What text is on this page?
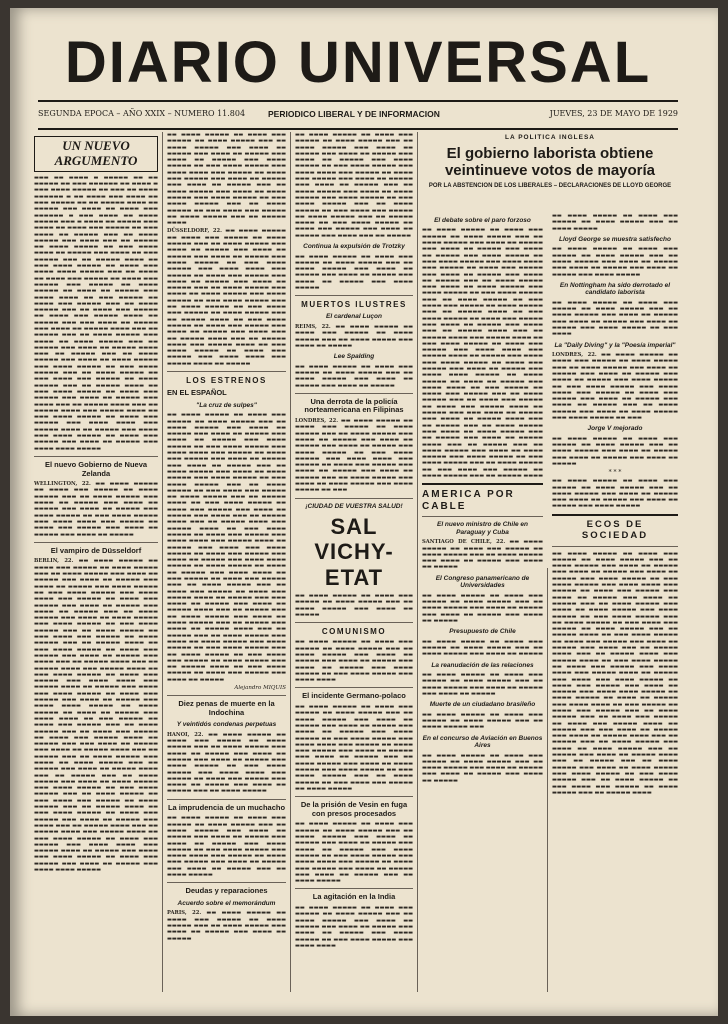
DIARIO UNIVERSAL
SEGUNDA EPOCA – AÑO XXIX – NUMERO 11.804	PERIODICO LIBERAL Y DE INFORMACION	JUEVES, 23 DE MAYO DE 1929
UN NUEVO ARGUMENTO

▬▬▬ ▬▬ ▬▬▬▬ ▬ ▬▬▬▬▬ ▬▬ ▬▬ ▬▬▬▬▬ ▬▬ ▬▬▬ ▬▬▬▬▬▬ ▬▬ ▬▬▬▬ ▬ ▬▬▬ ▬▬▬▬ ▬▬▬▬▬ ▬▬ ▬▬▬ ▬▬ ▬▬▬▬ ▬▬▬▬▬▬ ▬ ▬▬ ▬▬▬▬ ▬▬▬ ▬▬▬▬ ▬▬ ▬▬▬ ▬▬▬▬▬ ▬▬ ▬▬ ▬▬▬▬▬ ▬▬▬▬ ▬▬ ▬▬▬▬▬ ▬▬▬ ▬▬▬▬ ▬▬ ▬▬▬▬ ▬▬▬ ▬▬▬▬▬▬ ▬ ▬▬▬ ▬▬▬▬ ▬▬ ▬▬▬▬ ▬▬▬▬▬ ▬▬▬ ▬ ▬▬▬▬ ▬▬ ▬▬▬▬▬ ▬▬▬ ▬▬▬▬ ▬▬ ▬▬▬▬ ▬▬▬ ▬▬▬▬▬ ▬▬ ▬▬▬ ▬▬▬▬ ▬▬ ▬▬▬▬▬ ▬▬▬ ▬▬ ▬▬▬▬ ▬▬▬▬▬ ▬▬▬ ▬▬▬▬ ▬▬▬ ▬▬ ▬▬▬▬▬ ▬▬ ▬▬▬▬ ▬▬▬▬▬ ▬▬ ▬▬▬ ▬▬▬▬ ▬▬▬▬ ▬▬ ▬▬▬▬▬ ▬▬▬ ▬▬▬▬ ▬▬ ▬▬▬ ▬▬▬▬▬ ▬▬▬ ▬▬ ▬▬▬▬▬ ▬▬▬▬ ▬▬ ▬▬▬ ▬▬▬▬ ▬▬▬▬▬ ▬▬ ▬▬▬▬ ▬▬▬ ▬▬▬▬ ▬▬▬▬ ▬▬▬▬▬ ▬▬▬ ▬▬ ▬▬▬▬ ▬▬ ▬▬▬▬ ▬▬▬ ▬▬▬▬▬ ▬▬ ▬▬▬▬ ▬▬▬ ▬▬▬▬▬ ▬▬▬ ▬▬▬▬▬ ▬▬ ▬▬▬▬ ▬▬▬▬▬ ▬▬ ▬▬▬▬ ▬▬ ▬▬▬▬▬ ▬▬▬ ▬▬▬▬ ▬▬▬▬ ▬▬ ▬▬▬ ▬▬▬▬▬ ▬▬ ▬▬▬▬ ▬▬▬ ▬▬▬▬▬ ▬▬▬ ▬▬ ▬▬▬▬ ▬▬▬▬▬ ▬▬▬ ▬▬ ▬▬▬▬ ▬▬▬ ▬▬▬▬▬ ▬▬ ▬▬▬▬ ▬▬▬ ▬▬▬▬▬ ▬▬▬▬ ▬▬ ▬▬▬▬▬ ▬▬▬ ▬▬▬ ▬▬▬▬ ▬▬ ▬▬▬▬▬ ▬▬▬ ▬▬▬▬ ▬▬ ▬▬▬▬▬ ▬▬▬▬ ▬▬▬ ▬▬ ▬▬▬▬▬ ▬▬▬ ▬▬ ▬▬▬▬ ▬▬▬▬▬ ▬▬▬ ▬▬▬▬ ▬▬ ▬▬▬▬ ▬▬▬▬▬ ▬▬▬ ▬▬ ▬▬▬▬▬ ▬▬▬ ▬▬▬▬ ▬▬ ▬▬▬▬▬ ▬▬▬▬ ▬▬▬ ▬▬ ▬▬▬▬▬ ▬▬▬ ▬▬ ▬▬▬▬ ▬▬▬▬▬ ▬▬▬ ▬▬▬▬ ▬▬ ▬▬▬▬ ▬▬▬▬▬ ▬▬▬ ▬▬▬▬ ▬▬▬▬▬ ▬▬ ▬▬▬ ▬▬▬▬ ▬▬▬▬▬ ▬▬▬ ▬▬ ▬▬▬▬ ▬▬▬▬▬ ▬▬ ▬▬▬ ▬▬▬▬ ▬▬▬ ▬▬▬▬▬ ▬▬ ▬▬▬▬ ▬▬▬▬▬ ▬▬▬ ▬▬ ▬▬▬▬▬ ▬▬▬▬ ▬▬ ▬▬▬ ▬▬▬▬ ▬▬▬▬▬ ▬▬ ▬▬▬▬ ▬▬▬ ▬▬▬▬▬ ▬▬▬ ▬▬▬▬ ▬▬ ▬▬▬▬▬ ▬▬▬ ▬▬▬▬ ▬▬▬ ▬▬ ▬▬▬▬▬ ▬▬▬▬ ▬▬▬ ▬▬ ▬▬▬▬▬ ▬▬▬▬ ▬▬▬ ▬▬▬▬▬ ▬▬▬▬ ▬▬ ▬▬▬ ▬▬▬▬ ▬▬▬▬▬ ▬▬ ▬▬▬▬ ▬▬▬ ▬▬▬▬▬ ▬▬▬ ▬▬▬▬ ▬▬▬▬ ▬▬▬ ▬▬▬▬▬ ▬▬▬▬ ▬▬ ▬▬▬▬▬ ▬▬▬ ▬▬▬▬ ▬▬▬ ▬▬▬▬ ▬▬▬▬▬ ▬▬ ▬▬▬▬ ▬▬▬ ▬▬▬▬▬ ▬▬▬ ▬▬▬▬ ▬▬ ▬▬▬▬▬ ▬▬▬ ▬▬▬▬ ▬▬▬▬ ▬▬▬▬▬

El nuevo Gobierno de Nueva Zelanda

WELLINGTON, 22. ▬▬ ▬▬▬▬ ▬▬▬▬▬ ▬▬ ▬▬▬▬ ▬▬▬ ▬▬▬▬▬ ▬▬ ▬▬▬▬ ▬▬▬▬▬ ▬▬▬ ▬▬ ▬▬▬▬ ▬▬▬▬▬ ▬▬▬ ▬▬▬▬ ▬▬ ▬▬▬▬▬ ▬▬▬ ▬▬▬▬ ▬▬ ▬▬▬▬▬ ▬▬▬ ▬▬▬▬ ▬▬ ▬▬▬▬▬ ▬▬▬ ▬▬▬▬ ▬▬▬▬▬ ▬▬ ▬▬▬ ▬▬▬▬ ▬▬▬▬▬ ▬▬▬ ▬▬▬▬ ▬▬▬▬ ▬▬▬ ▬▬▬▬▬ ▬▬ ▬▬▬▬ ▬▬▬ ▬▬▬▬▬ ▬▬▬ ▬▬▬▬ ▬▬ ▬▬▬▬▬ ▬▬▬ ▬▬▬▬ ▬▬ ▬▬▬▬▬

El vampiro de Düsseldorf

BERLIN, 22. ▬▬ ▬▬▬▬ ▬▬▬▬▬ ▬▬ ▬▬▬▬ ▬▬▬ ▬▬▬▬▬ ▬▬ ▬▬▬▬ ▬▬▬▬▬ ▬▬▬ ▬▬ ▬▬▬▬ ▬▬▬▬▬ ▬▬▬ ▬▬▬▬ ▬▬ ▬▬▬▬▬ ▬▬▬ ▬▬▬▬ ▬▬ ▬▬▬▬▬ ▬▬▬ ▬▬▬▬ ▬▬ ▬▬▬▬▬ ▬▬▬ ▬▬▬▬ ▬▬▬▬▬ ▬▬ ▬▬▬ ▬▬▬▬ ▬▬▬▬▬ ▬▬▬ ▬▬▬▬ ▬▬▬▬ ▬▬▬ ▬▬▬▬▬ ▬▬ ▬▬▬▬ ▬▬▬ ▬▬▬▬▬ ▬▬▬ ▬▬▬▬ ▬▬ ▬▬▬▬▬ ▬▬▬ ▬▬▬▬ ▬▬ ▬▬▬▬▬ ▬▬▬ ▬▬ ▬▬▬▬ ▬▬▬▬▬ ▬▬▬ ▬▬▬▬ ▬▬ ▬▬▬▬ ▬▬▬▬▬ ▬▬▬ ▬▬▬▬ ▬▬▬▬▬ ▬▬ ▬▬▬ ▬▬▬▬ ▬▬▬▬▬ ▬▬▬ ▬▬ ▬▬▬▬ ▬▬▬▬▬ ▬▬ ▬▬▬ ▬▬▬▬ ▬▬▬ ▬▬▬▬▬ ▬▬ ▬▬▬▬ ▬▬▬▬▬ ▬▬▬ ▬▬ ▬▬▬▬▬ ▬▬▬▬ ▬▬ ▬▬▬ ▬▬▬▬ ▬▬▬▬▬ ▬▬ ▬▬▬▬ ▬▬▬ ▬▬▬▬▬ ▬▬▬ ▬▬▬▬ ▬▬ ▬▬▬▬▬ ▬▬▬ ▬▬▬▬ ▬▬▬ ▬▬ ▬▬▬▬▬ ▬▬▬▬ ▬▬▬ ▬▬ ▬▬▬▬▬ ▬▬▬▬ ▬▬▬ ▬▬▬▬▬ ▬▬▬▬ ▬▬ ▬▬▬ ▬▬▬▬ ▬▬▬▬▬ ▬▬ ▬▬▬▬ ▬▬▬ ▬▬▬▬▬ ▬▬▬ ▬▬▬▬ ▬▬▬▬ ▬▬▬ ▬▬▬▬▬ ▬▬▬▬ ▬▬ ▬▬▬▬▬ ▬▬▬ ▬▬▬▬ ▬▬▬ ▬▬▬▬ ▬▬▬▬▬ ▬▬ ▬▬▬▬ ▬▬▬ ▬▬▬▬▬ ▬▬▬ ▬▬▬▬ ▬▬ ▬▬▬▬▬ ▬▬▬ ▬▬▬▬ ▬▬▬▬ ▬▬▬▬▬ ▬▬ ▬▬▬▬ ▬▬▬▬▬ ▬▬ ▬▬▬▬ ▬▬ ▬▬▬▬▬ ▬▬▬ ▬▬▬▬ ▬▬▬▬ ▬▬ ▬▬▬ ▬▬▬▬▬ ▬▬ ▬▬▬▬ ▬▬▬ ▬▬▬▬▬ ▬▬▬ ▬▬ ▬▬▬▬ ▬▬▬▬▬ ▬▬▬ ▬▬ ▬▬▬▬ ▬▬▬ ▬▬▬▬▬ ▬▬ ▬▬▬▬ ▬▬▬ ▬▬▬▬▬ ▬▬▬▬ ▬▬ ▬▬▬▬▬ ▬▬▬ ▬▬▬ ▬▬▬▬ ▬▬ ▬▬▬▬▬ ▬▬▬ ▬▬▬▬ ▬▬ ▬▬▬▬▬ ▬▬▬▬ ▬▬▬ ▬▬ ▬▬▬▬▬ ▬▬▬ ▬▬ ▬▬▬▬ ▬▬▬▬▬ ▬▬▬ ▬▬▬▬ ▬▬ ▬▬▬▬ ▬▬▬▬▬ ▬▬▬ ▬▬ ▬▬▬▬▬ ▬▬▬ ▬▬▬▬ ▬▬ ▬▬▬▬▬ ▬▬▬▬ ▬▬▬ ▬▬ ▬▬▬▬▬ ▬▬▬ ▬▬ ▬▬▬▬ ▬▬▬▬▬ ▬▬▬ ▬▬▬▬ ▬▬ ▬▬▬▬ ▬▬▬▬▬ ▬▬▬ ▬▬▬▬ ▬▬▬▬▬ ▬▬ ▬▬▬ ▬▬▬▬ ▬▬▬▬▬ ▬▬▬ ▬▬ ▬▬▬▬ ▬▬▬▬▬ ▬▬ ▬▬▬ ▬▬▬▬ ▬▬▬ ▬▬▬▬▬ ▬▬ ▬▬▬▬ ▬▬▬▬▬ ▬▬▬ ▬▬ ▬▬▬▬▬ ▬▬▬▬ ▬▬ ▬▬▬ ▬▬▬▬ ▬▬▬▬▬ ▬▬ ▬▬▬▬ ▬▬▬ ▬▬▬▬▬ ▬▬▬ ▬▬▬▬ ▬▬ ▬▬▬▬▬ ▬▬▬ ▬▬▬▬ ▬▬▬ ▬▬ ▬▬▬▬▬ ▬▬▬▬ ▬▬▬ ▬▬ ▬▬▬▬▬ ▬▬▬▬ ▬▬▬ ▬▬▬▬▬ ▬▬▬▬ ▬▬ ▬▬▬ ▬▬▬▬ ▬▬▬▬▬ ▬▬ ▬▬▬▬ ▬▬▬ ▬▬▬▬▬ ▬▬▬ ▬▬▬▬ ▬▬▬▬ ▬▬▬ ▬▬▬▬▬ ▬▬▬▬ ▬▬ ▬▬▬▬▬ ▬▬▬ ▬▬▬▬ ▬▬▬ ▬▬▬▬ ▬▬▬▬▬ ▬▬ ▬▬▬▬ ▬▬▬ ▬▬▬▬▬ ▬▬▬ ▬▬▬▬ ▬▬ ▬▬▬▬▬ ▬▬▬ ▬▬▬▬ ▬▬▬▬ ▬▬▬▬▬

▬▬ ▬▬▬▬ ▬▬▬▬▬ ▬▬ ▬▬▬▬ ▬▬▬ ▬▬▬▬▬ ▬▬ ▬▬▬▬ ▬▬▬▬▬ ▬▬▬ ▬▬ ▬▬▬▬ ▬▬▬▬▬ ▬▬▬ ▬▬▬▬ ▬▬ ▬▬▬▬▬ ▬▬▬ ▬▬▬▬ ▬▬ ▬▬▬▬▬ ▬▬▬ ▬▬▬▬ ▬▬ ▬▬▬▬▬ ▬▬▬ ▬▬▬▬ ▬▬▬▬▬ ▬▬ ▬▬▬ ▬▬▬▬ ▬▬▬▬▬ ▬▬▬ ▬▬▬▬ ▬▬▬▬ ▬▬▬ ▬▬▬▬▬ ▬▬ ▬▬▬▬ ▬▬▬ ▬▬▬▬▬ ▬▬▬ ▬▬▬▬ ▬▬ ▬▬▬▬▬ ▬▬▬ ▬▬▬▬ ▬▬ ▬▬▬▬▬ ▬▬▬ ▬▬ ▬▬▬▬ ▬▬▬▬▬ ▬▬▬ ▬▬▬▬ ▬▬ ▬▬▬▬ ▬▬▬▬▬ ▬▬▬ ▬▬▬▬ ▬▬▬▬▬ ▬▬ ▬▬▬ ▬▬▬▬ ▬▬▬▬▬ ▬▬▬ ▬▬ ▬▬▬▬ ▬▬▬▬▬ ▬▬ ▬▬▬ ▬▬▬▬ ▬▬▬ ▬▬▬▬▬ ▬▬ ▬▬▬▬ ▬▬▬▬▬ ▬▬▬ ▬▬ ▬▬▬▬▬ ▬▬▬▬

DÜSSELDORF, 22. ▬▬ ▬▬▬▬ ▬▬▬▬▬ ▬▬ ▬▬▬▬ ▬▬▬ ▬▬▬▬▬ ▬▬ ▬▬▬▬ ▬▬▬▬▬ ▬▬▬ ▬▬ ▬▬▬▬ ▬▬▬▬▬ ▬▬▬ ▬▬▬▬ ▬▬ ▬▬▬▬▬ ▬▬▬ ▬▬▬▬ ▬▬ ▬▬▬▬▬ ▬▬▬ ▬▬▬▬ ▬▬ ▬▬▬▬▬ ▬▬▬ ▬▬▬▬ ▬▬▬▬▬ ▬▬ ▬▬▬ ▬▬▬▬ ▬▬▬▬▬ ▬▬▬ ▬▬▬▬ ▬▬▬▬ ▬▬▬ ▬▬▬▬▬ ▬▬ ▬▬▬▬ ▬▬▬ ▬▬▬▬▬ ▬▬▬ ▬▬▬▬ ▬▬ ▬▬▬▬▬ ▬▬▬ ▬▬▬▬ ▬▬ ▬▬▬▬▬ ▬▬▬ ▬▬ ▬▬▬▬ ▬▬▬▬▬ ▬▬▬ ▬▬▬▬ ▬▬ ▬▬▬▬ ▬▬▬▬▬ ▬▬▬ ▬▬▬▬ ▬▬▬▬▬ ▬▬ ▬▬▬ ▬▬▬▬ ▬▬▬▬▬ ▬▬▬ ▬▬ ▬▬▬▬ ▬▬▬▬▬ ▬▬ ▬▬▬ ▬▬▬▬ ▬▬▬ ▬▬▬▬▬ ▬▬ ▬▬▬▬ ▬▬▬▬▬ ▬▬▬ ▬▬ ▬▬▬▬▬ ▬▬▬▬ ▬▬ ▬▬▬ ▬▬▬▬ ▬▬▬▬▬ ▬▬ ▬▬▬▬ ▬▬▬ ▬▬▬▬▬ ▬▬▬ ▬▬▬▬ ▬▬ ▬▬▬▬▬ ▬▬▬ ▬▬▬▬ ▬▬▬ ▬▬ ▬▬▬▬▬ ▬▬▬▬ ▬▬▬ ▬▬ ▬▬▬▬▬ ▬▬▬▬ ▬▬▬ ▬▬▬▬▬ ▬▬▬▬ ▬▬ ▬▬▬ ▬▬▬▬ ▬▬▬▬▬ ▬▬ ▬▬▬▬ ▬▬▬ ▬▬▬▬▬ ▬▬▬ ▬▬▬▬ ▬▬▬▬ ▬▬▬ ▬▬▬▬▬ ▬▬▬▬ ▬▬ ▬▬▬▬▬

LOS ESTRENOS
EN EL ESPAÑOL
"La cruz de sulpes"

▬▬ ▬▬▬▬ ▬▬▬▬▬ ▬▬ ▬▬▬▬ ▬▬▬ ▬▬▬▬▬ ▬▬ ▬▬▬▬ ▬▬▬▬▬ ▬▬▬ ▬▬ ▬▬▬▬ ▬▬▬▬▬ ▬▬▬ ▬▬▬▬ ▬▬ ▬▬▬▬▬ ▬▬▬ ▬▬▬▬ ▬▬ ▬▬▬▬▬ ▬▬▬ ▬▬▬▬ ▬▬ ▬▬▬▬▬ ▬▬▬ ▬▬▬▬ ▬▬▬▬▬ ▬▬ ▬▬▬ ▬▬▬▬ ▬▬▬▬▬ ▬▬▬ ▬▬▬▬ ▬▬▬▬ ▬▬▬ ▬▬▬▬▬ ▬▬ ▬▬▬▬ ▬▬▬ ▬▬▬▬▬ ▬▬▬ ▬▬▬▬ ▬▬ ▬▬▬▬▬ ▬▬▬ ▬▬▬▬ ▬▬ ▬▬▬▬▬ ▬▬▬ ▬▬ ▬▬▬▬ ▬▬▬▬▬ ▬▬▬ ▬▬▬▬ ▬▬ ▬▬▬▬ ▬▬▬▬▬ ▬▬▬ ▬▬▬▬ ▬▬▬▬▬ ▬▬ ▬▬▬ ▬▬▬▬ ▬▬▬▬▬ ▬▬▬ ▬▬ ▬▬▬▬ ▬▬▬▬▬ ▬▬ ▬▬▬ ▬▬▬▬ ▬▬▬ ▬▬▬▬▬ ▬▬ ▬▬▬▬ ▬▬▬▬▬ ▬▬▬ ▬▬ ▬▬▬▬▬ ▬▬▬▬ ▬▬ ▬▬▬ ▬▬▬▬ ▬▬▬▬▬ ▬▬ ▬▬▬▬ ▬▬▬ ▬▬▬▬▬ ▬▬▬ ▬▬▬▬ ▬▬ ▬▬▬▬▬ ▬▬▬ ▬▬▬▬ ▬▬▬ ▬▬ ▬▬▬▬▬ ▬▬▬▬ ▬▬▬ ▬▬ ▬▬▬▬▬ ▬▬▬▬ ▬▬▬ ▬▬▬▬▬ ▬▬▬▬ ▬▬ ▬▬▬ ▬▬▬▬ ▬▬▬▬▬ ▬▬ ▬▬▬▬ ▬▬▬ ▬▬▬▬▬ ▬▬▬ ▬▬▬▬ ▬▬▬▬ ▬▬▬ ▬▬▬▬▬ ▬▬▬▬ ▬▬ ▬▬▬▬▬ ▬▬▬ ▬▬▬▬ ▬▬▬ ▬▬▬▬ ▬▬▬▬▬ ▬▬ ▬▬▬▬ ▬▬▬ ▬▬▬▬▬ ▬▬▬ ▬▬▬▬ ▬▬ ▬▬▬▬▬ ▬▬▬ ▬▬▬▬ ▬▬▬▬ ▬▬▬▬▬ ▬▬ ▬▬▬▬ ▬▬▬▬▬ ▬▬ ▬▬▬▬ ▬▬ ▬▬▬▬▬ ▬▬▬ ▬▬▬▬ ▬▬▬▬ ▬▬ ▬▬▬ ▬▬▬▬▬ ▬▬ ▬▬▬▬ ▬▬▬ ▬▬▬▬▬ ▬▬▬ ▬▬ ▬▬▬▬ ▬▬▬▬▬ ▬▬▬ ▬▬ ▬▬▬▬ ▬▬▬ ▬▬▬▬▬ ▬▬ ▬▬▬▬ ▬▬▬ ▬▬▬▬▬ ▬▬▬▬ ▬▬ ▬▬▬▬▬ ▬▬▬ ▬▬▬ ▬▬▬▬ ▬▬ ▬▬▬▬▬ ▬▬▬ ▬▬▬▬ ▬▬ ▬▬▬▬▬ ▬▬▬▬ ▬▬▬ ▬▬ ▬▬▬▬▬ ▬▬▬ ▬▬ ▬▬▬▬ ▬▬▬▬▬ ▬▬▬ ▬▬▬▬ ▬▬ ▬▬▬▬ ▬▬▬▬▬ ▬▬▬ ▬▬ ▬▬▬▬▬ ▬▬▬ ▬▬▬▬ ▬▬ ▬▬▬▬▬ ▬▬▬▬ ▬▬▬ ▬▬ ▬▬▬▬▬ ▬▬▬ ▬▬ ▬▬▬▬ ▬▬▬▬▬ ▬▬▬ ▬▬▬▬ ▬▬ ▬▬▬▬ ▬▬▬▬▬ ▬▬▬ ▬▬▬▬ ▬▬▬▬▬ ▬▬ ▬▬▬ ▬▬▬▬ ▬▬▬▬▬ ▬▬▬ ▬▬ ▬▬▬▬ ▬▬▬▬▬ ▬▬ ▬▬▬ ▬▬▬▬ ▬▬▬ ▬▬▬▬▬ ▬▬ ▬▬▬▬ ▬▬▬▬▬ ▬▬▬ ▬▬ ▬▬▬▬▬ ▬▬▬▬ ▬▬ ▬▬▬ ▬▬▬▬ ▬▬▬▬▬ ▬▬ ▬▬▬▬ ▬▬▬ ▬▬▬▬▬ ▬▬▬ ▬▬▬▬ ▬▬ ▬▬▬▬▬

Alejandro MIQUIS
Diez penas de muerte en la Indochina
Y veintidós condenas perpetuas

HANOI, 22. ▬▬ ▬▬▬▬ ▬▬▬▬▬ ▬▬ ▬▬▬▬ ▬▬▬ ▬▬▬▬▬ ▬▬ ▬▬▬▬ ▬▬▬▬▬ ▬▬▬ ▬▬ ▬▬▬▬ ▬▬▬▬▬ ▬▬▬ ▬▬▬▬ ▬▬ ▬▬▬▬▬ ▬▬▬ ▬▬▬▬ ▬▬ ▬▬▬▬▬ ▬▬▬ ▬▬▬▬ ▬▬ ▬▬▬▬▬ ▬▬▬ ▬▬▬▬ ▬▬▬▬▬ ▬▬ ▬▬▬ ▬▬▬▬ ▬▬▬▬▬ ▬▬▬ ▬▬▬▬ ▬▬▬▬ ▬▬▬ ▬▬▬▬▬ ▬▬ ▬▬▬▬ ▬▬▬ ▬▬▬▬▬ ▬▬▬ ▬▬▬▬ ▬▬ ▬▬▬▬▬ ▬▬▬ ▬▬▬▬ ▬▬ ▬▬▬▬▬ ▬▬▬ ▬▬ ▬▬▬▬ ▬▬▬▬▬

La imprudencia de un muchacho

▬▬ ▬▬▬▬ ▬▬▬▬▬ ▬▬ ▬▬▬▬ ▬▬▬ ▬▬▬▬▬ ▬▬ ▬▬▬▬ ▬▬▬▬▬ ▬▬▬ ▬▬ ▬▬▬▬ ▬▬▬▬▬ ▬▬▬ ▬▬▬▬ ▬▬ ▬▬▬▬▬ ▬▬▬ ▬▬▬▬ ▬▬ ▬▬▬▬▬ ▬▬▬ ▬▬▬▬ ▬▬ ▬▬▬▬▬ ▬▬▬ ▬▬▬▬ ▬▬▬▬▬ ▬▬ ▬▬▬ ▬▬▬▬ ▬▬▬▬▬ ▬▬▬ ▬▬▬▬ ▬▬▬▬ ▬▬▬ ▬▬▬▬▬ ▬▬ ▬▬▬▬ ▬▬▬ ▬▬▬▬▬ ▬▬▬ ▬▬▬▬ ▬▬ ▬▬▬▬▬ ▬▬▬ ▬▬▬▬ ▬▬ ▬▬▬▬▬ ▬▬▬ ▬▬ ▬▬▬▬ ▬▬▬▬▬

Deudas y reparaciones
Acuerdo sobre el memorándum

PARIS, 22. ▬▬ ▬▬▬▬ ▬▬▬▬▬ ▬▬ ▬▬▬▬ ▬▬▬ ▬▬▬▬▬ ▬▬ ▬▬▬▬ ▬▬▬▬▬ ▬▬▬ ▬▬ ▬▬▬▬ ▬▬▬▬▬ ▬▬▬ ▬▬▬▬ ▬▬ ▬▬▬▬▬ ▬▬▬ ▬▬▬▬ ▬▬ ▬▬▬▬▬

▬▬ ▬▬▬▬ ▬▬▬▬▬ ▬▬ ▬▬▬▬ ▬▬▬ ▬▬▬▬▬ ▬▬ ▬▬▬▬ ▬▬▬▬▬ ▬▬▬ ▬▬ ▬▬▬▬ ▬▬▬▬▬ ▬▬▬ ▬▬▬▬ ▬▬ ▬▬▬▬▬ ▬▬▬ ▬▬▬▬ ▬▬ ▬▬▬▬▬ ▬▬▬ ▬▬▬▬ ▬▬ ▬▬▬▬▬ ▬▬▬ ▬▬▬▬ ▬▬▬▬▬ ▬▬ ▬▬▬ ▬▬▬▬ ▬▬▬▬▬ ▬▬▬ ▬▬▬▬ ▬▬▬▬ ▬▬▬ ▬▬▬▬▬ ▬▬ ▬▬▬▬ ▬▬▬ ▬▬▬▬▬ ▬▬▬ ▬▬▬▬ ▬▬ ▬▬▬▬▬ ▬▬▬ ▬▬▬▬ ▬▬ ▬▬▬▬▬ ▬▬▬ ▬▬ ▬▬▬▬ ▬▬▬▬▬ ▬▬▬ ▬▬▬▬ ▬▬ ▬▬▬▬ ▬▬▬▬▬ ▬▬▬ ▬▬▬▬ ▬▬▬▬▬ ▬▬ ▬▬▬ ▬▬▬▬ ▬▬▬▬▬ ▬▬▬ ▬▬ ▬▬▬▬ ▬▬▬▬▬ ▬▬ ▬▬▬ ▬▬▬▬ ▬▬▬ ▬▬▬▬▬ ▬▬ ▬▬▬▬ ▬▬▬▬▬ ▬▬▬ ▬▬ ▬▬▬▬▬ ▬▬▬▬ ▬▬ ▬▬▬ ▬▬▬▬ ▬▬▬▬▬ ▬▬ ▬▬▬▬ ▬▬▬ ▬▬▬▬▬ ▬▬▬ ▬▬▬▬ ▬▬ ▬▬▬▬▬ ▬▬▬ ▬▬▬▬ ▬▬▬ ▬▬ ▬▬▬▬▬

Continua la expulsión de Trotzky

▬▬ ▬▬▬▬ ▬▬▬▬▬ ▬▬ ▬▬▬▬ ▬▬▬ ▬▬▬▬▬ ▬▬ ▬▬▬▬ ▬▬▬▬▬ ▬▬▬ ▬▬ ▬▬▬▬ ▬▬▬▬▬ ▬▬▬ ▬▬▬▬ ▬▬ ▬▬▬▬▬ ▬▬▬ ▬▬▬▬ ▬▬ ▬▬▬▬▬ ▬▬▬ ▬▬▬▬ ▬▬ ▬▬▬▬▬ ▬▬▬ ▬▬▬▬ ▬▬▬▬▬

MUERTOS ILUSTRES
El cardenal Luçon

REIMS, 22. ▬▬ ▬▬▬▬ ▬▬▬▬▬ ▬▬ ▬▬▬▬ ▬▬▬ ▬▬▬▬▬ ▬▬ ▬▬▬▬ ▬▬▬▬▬ ▬▬▬ ▬▬ ▬▬▬▬ ▬▬▬▬▬ ▬▬▬ ▬▬▬▬ ▬▬ ▬▬▬▬▬

Lee Spalding

▬▬ ▬▬▬▬ ▬▬▬▬▬ ▬▬ ▬▬▬▬ ▬▬▬ ▬▬▬▬▬ ▬▬ ▬▬▬▬ ▬▬▬▬▬ ▬▬▬ ▬▬ ▬▬▬▬ ▬▬▬▬▬ ▬▬▬ ▬▬▬▬ ▬▬ ▬▬▬▬▬ ▬▬▬ ▬▬▬▬ ▬▬ ▬▬▬▬▬

Una derrota de la policía norteamericana en Filipinas

LONDRES, 22. ▬▬ ▬▬▬▬ ▬▬▬▬▬ ▬▬ ▬▬▬▬ ▬▬▬ ▬▬▬▬▬ ▬▬ ▬▬▬▬ ▬▬▬▬▬ ▬▬▬ ▬▬ ▬▬▬▬ ▬▬▬▬▬ ▬▬▬ ▬▬▬▬ ▬▬ ▬▬▬▬▬ ▬▬▬ ▬▬▬▬ ▬▬ ▬▬▬▬▬ ▬▬▬ ▬▬▬▬ ▬▬ ▬▬▬▬▬ ▬▬▬ ▬▬▬▬ ▬▬▬▬▬ ▬▬ ▬▬▬ ▬▬▬▬ ▬▬▬▬▬ ▬▬▬ ▬▬▬▬ ▬▬▬▬ ▬▬▬ ▬▬▬▬▬ ▬▬ ▬▬▬▬ ▬▬▬ ▬▬▬▬▬ ▬▬▬ ▬▬▬▬ ▬▬ ▬▬▬▬▬ ▬▬▬ ▬▬▬▬ ▬▬ ▬▬▬▬▬ ▬▬▬ ▬▬ ▬▬▬▬ ▬▬▬▬▬ ▬▬▬ ▬▬▬▬ ▬▬ ▬▬▬▬ ▬▬▬▬▬ ▬▬▬ ▬▬▬▬ ▬▬▬▬▬ ▬▬ ▬▬▬

¡CIUDAD DE VUESTRA SALUD!
SAL VICHY-ETAT

▬▬ ▬▬▬▬ ▬▬▬▬▬ ▬▬ ▬▬▬▬ ▬▬▬ ▬▬▬▬▬ ▬▬ ▬▬▬▬ ▬▬▬▬▬ ▬▬▬ ▬▬ ▬▬▬▬ ▬▬▬▬▬ ▬▬▬ ▬▬▬▬ ▬▬ ▬▬▬▬▬

COMUNISMO

▬▬ ▬▬▬▬ ▬▬▬▬▬ ▬▬ ▬▬▬▬ ▬▬▬ ▬▬▬▬▬ ▬▬ ▬▬▬▬ ▬▬▬▬▬ ▬▬▬ ▬▬ ▬▬▬▬ ▬▬▬▬▬ ▬▬▬ ▬▬▬▬ ▬▬ ▬▬▬▬▬ ▬▬▬ ▬▬▬▬ ▬▬ ▬▬▬▬▬ ▬▬▬ ▬▬▬▬ ▬▬ ▬▬▬▬▬ ▬▬▬ ▬▬▬▬ ▬▬▬▬▬ ▬▬ ▬▬▬ ▬▬▬▬ ▬▬▬▬▬ ▬▬▬ ▬▬▬▬ ▬▬▬▬

El incidente Germano-polaco

▬▬ ▬▬▬▬ ▬▬▬▬▬ ▬▬ ▬▬▬▬ ▬▬▬ ▬▬▬▬▬ ▬▬ ▬▬▬▬ ▬▬▬▬▬ ▬▬▬ ▬▬ ▬▬▬▬ ▬▬▬▬▬ ▬▬▬ ▬▬▬▬ ▬▬ ▬▬▬▬▬ ▬▬▬ ▬▬▬▬ ▬▬ ▬▬▬▬▬ ▬▬▬ ▬▬▬▬ ▬▬ ▬▬▬▬▬ ▬▬▬ ▬▬▬▬ ▬▬▬▬▬ ▬▬ ▬▬▬ ▬▬▬▬ ▬▬▬▬▬ ▬▬▬ ▬▬▬▬ ▬▬▬▬ ▬▬▬ ▬▬▬▬▬ ▬▬ ▬▬▬▬ ▬▬▬ ▬▬▬▬▬ ▬▬▬ ▬▬▬▬ ▬▬ ▬▬▬▬▬ ▬▬▬ ▬▬▬▬ ▬▬ ▬▬▬▬▬ ▬▬▬ ▬▬ ▬▬▬▬ ▬▬▬▬▬ ▬▬▬ ▬▬▬▬ ▬▬ ▬▬▬▬ ▬▬▬▬▬ ▬▬▬ ▬▬▬▬ ▬▬▬▬▬ ▬▬ ▬▬▬ ▬▬▬▬ ▬▬▬▬▬ ▬▬▬ ▬▬ ▬▬▬▬ ▬▬▬▬▬ ▬▬ ▬▬▬ ▬▬▬▬ ▬▬▬ ▬▬▬▬▬ ▬▬ ▬▬▬▬ ▬▬▬▬▬

De la prisión de Vesin en fuga con presos procesados

▬▬ ▬▬▬▬ ▬▬▬▬▬ ▬▬ ▬▬▬▬ ▬▬▬ ▬▬▬▬▬ ▬▬ ▬▬▬▬ ▬▬▬▬▬ ▬▬▬ ▬▬ ▬▬▬▬ ▬▬▬▬▬ ▬▬▬ ▬▬▬▬ ▬▬ ▬▬▬▬▬ ▬▬▬ ▬▬▬▬ ▬▬ ▬▬▬▬▬ ▬▬▬ ▬▬▬▬ ▬▬ ▬▬▬▬▬ ▬▬▬ ▬▬▬▬ ▬▬▬▬▬ ▬▬ ▬▬▬ ▬▬▬▬ ▬▬▬▬▬ ▬▬▬ ▬▬▬▬ ▬▬▬▬ ▬▬▬ ▬▬▬▬▬ ▬▬ ▬▬▬▬ ▬▬▬ ▬▬▬▬▬ ▬▬▬ ▬▬▬▬ ▬▬ ▬▬▬▬▬ ▬▬▬ ▬▬▬▬ ▬▬ ▬▬▬▬▬ ▬▬▬ ▬▬ ▬▬▬▬ ▬▬▬▬▬

La agitación en la India

▬▬ ▬▬▬▬ ▬▬▬▬▬ ▬▬ ▬▬▬▬ ▬▬▬ ▬▬▬▬▬ ▬▬ ▬▬▬▬ ▬▬▬▬▬ ▬▬▬ ▬▬ ▬▬▬▬ ▬▬▬▬▬ ▬▬▬ ▬▬▬▬ ▬▬ ▬▬▬▬▬ ▬▬▬ ▬▬▬▬ ▬▬ ▬▬▬▬▬ ▬▬▬ ▬▬▬▬ ▬▬ ▬▬▬▬▬ ▬▬▬ ▬▬▬▬ ▬▬▬▬▬ ▬▬ ▬▬▬ ▬▬▬▬ ▬▬▬▬▬ ▬▬▬ ▬▬▬▬ ▬▬▬▬

LA POLITICA INGLESA
El gobierno laborista obtiene veintinueve votos de mayoría
POR LA ABSTENCION DE LOS LIBERALES – DECLARACIONES DE LLOYD GEORGE
El debate sobre el paro forzoso

▬▬ ▬▬▬▬ ▬▬▬▬▬ ▬▬ ▬▬▬▬ ▬▬▬ ▬▬▬▬▬ ▬▬ ▬▬▬▬ ▬▬▬▬▬ ▬▬▬ ▬▬ ▬▬▬▬ ▬▬▬▬▬ ▬▬▬ ▬▬▬▬ ▬▬ ▬▬▬▬▬ ▬▬▬ ▬▬▬▬ ▬▬ ▬▬▬▬▬ ▬▬▬ ▬▬▬▬ ▬▬ ▬▬▬▬▬ ▬▬▬ ▬▬▬▬ ▬▬▬▬▬ ▬▬ ▬▬▬ ▬▬▬▬ ▬▬▬▬▬ ▬▬▬ ▬▬▬▬ ▬▬▬▬ ▬▬▬ ▬▬▬▬▬ ▬▬ ▬▬▬▬ ▬▬▬ ▬▬▬▬▬ ▬▬▬ ▬▬▬▬ ▬▬ ▬▬▬▬▬ ▬▬▬ ▬▬▬▬ ▬▬ ▬▬▬▬▬ ▬▬▬ ▬▬ ▬▬▬▬ ▬▬▬▬▬ ▬▬▬ ▬▬▬▬ ▬▬ ▬▬▬▬ ▬▬▬▬▬ ▬▬▬ ▬▬▬▬ ▬▬▬▬▬ ▬▬ ▬▬▬ ▬▬▬▬ ▬▬▬▬▬ ▬▬▬ ▬▬ ▬▬▬▬ ▬▬▬▬▬ ▬▬ ▬▬▬ ▬▬▬▬ ▬▬▬ ▬▬▬▬▬ ▬▬ ▬▬▬▬ ▬▬▬▬▬ ▬▬▬ ▬▬ ▬▬▬▬▬ ▬▬▬▬ ▬▬ ▬▬▬ ▬▬▬▬ ▬▬▬▬▬ ▬▬ ▬▬▬▬ ▬▬▬ ▬▬▬▬▬ ▬▬▬ ▬▬▬▬ ▬▬ ▬▬▬▬▬ ▬▬▬ ▬▬▬▬ ▬▬▬ ▬▬ ▬▬▬▬▬ ▬▬▬▬ ▬▬▬ ▬▬ ▬▬▬▬▬ ▬▬▬▬ ▬▬▬ ▬▬▬▬▬ ▬▬▬▬ ▬▬ ▬▬▬ ▬▬▬▬ ▬▬▬▬▬ ▬▬ ▬▬▬▬ ▬▬▬ ▬▬▬▬▬ ▬▬▬ ▬▬▬▬ ▬▬▬▬ ▬▬▬ ▬▬▬▬▬ ▬▬▬▬ ▬▬ ▬▬▬▬▬ ▬▬▬ ▬▬▬▬ ▬▬▬ ▬▬▬▬ ▬▬▬▬▬ ▬▬ ▬▬▬▬ ▬▬▬ ▬▬▬▬▬ ▬▬▬ ▬▬▬▬ ▬▬ ▬▬▬▬▬ ▬▬▬ ▬▬▬▬ ▬▬▬▬ ▬▬▬▬▬ ▬▬ ▬▬▬▬ ▬▬▬▬▬ ▬▬ ▬▬▬▬ ▬▬ ▬▬▬▬▬ ▬▬▬ ▬▬▬▬ ▬▬▬▬ ▬▬ ▬▬▬ ▬▬▬▬▬ ▬▬ ▬▬▬▬ ▬▬▬ ▬▬▬▬▬ ▬▬▬ ▬▬ ▬▬▬▬ ▬▬▬▬▬ ▬▬▬ ▬▬ ▬▬▬▬ ▬▬▬ ▬▬▬▬▬ ▬▬ ▬▬▬▬ ▬▬▬ ▬▬▬▬▬ ▬▬▬▬ ▬▬ ▬▬▬▬▬ ▬▬▬ ▬▬▬ ▬▬▬▬ ▬▬ ▬▬▬▬▬ ▬▬▬ ▬▬▬▬ ▬▬ ▬▬▬▬▬ ▬▬▬▬ ▬▬▬ ▬▬ ▬▬▬▬▬ ▬▬▬ ▬▬ ▬▬▬▬ ▬▬▬▬▬ ▬▬▬ ▬▬▬▬ ▬▬ ▬▬▬▬ ▬▬▬▬▬ ▬▬▬ ▬▬ ▬▬▬▬▬ ▬▬▬ ▬▬▬▬ ▬▬ ▬▬▬▬▬ ▬▬▬▬ ▬▬▬ ▬▬ ▬▬▬▬▬ ▬▬▬ ▬▬ ▬▬▬▬ ▬▬▬▬▬ ▬▬▬ ▬▬▬▬ ▬▬ ▬▬▬▬ ▬▬▬▬▬ ▬▬▬ ▬▬▬▬ ▬▬▬▬▬ ▬▬ ▬▬▬ ▬▬▬▬ ▬▬▬▬▬ ▬▬▬ ▬▬ ▬▬▬▬ ▬▬▬▬▬ ▬▬ ▬▬▬ ▬▬▬▬ ▬▬▬ ▬▬▬▬▬ ▬▬ ▬▬▬▬ ▬▬▬▬▬ ▬▬▬ ▬▬ ▬▬▬▬▬ ▬▬▬▬

AMERICA POR CABLE
El nuevo ministro de Chile en Paraguay y Cuba

SANTIAGO DE CHILE, 22. ▬▬ ▬▬▬▬ ▬▬▬▬▬ ▬▬ ▬▬▬▬ ▬▬▬ ▬▬▬▬▬ ▬▬ ▬▬▬▬ ▬▬▬▬▬ ▬▬▬ ▬▬ ▬▬▬▬ ▬▬▬▬▬ ▬▬▬ ▬▬▬▬ ▬▬ ▬▬▬▬▬ ▬▬▬ ▬▬▬▬ ▬▬ ▬▬▬▬▬

El Congreso panamericano de Universidades

▬▬ ▬▬▬▬ ▬▬▬▬▬ ▬▬ ▬▬▬▬ ▬▬▬ ▬▬▬▬▬ ▬▬ ▬▬▬▬ ▬▬▬▬▬ ▬▬▬ ▬▬ ▬▬▬▬ ▬▬▬▬▬ ▬▬▬ ▬▬▬▬ ▬▬ ▬▬▬▬▬ ▬▬▬ ▬▬▬▬ ▬▬ ▬▬▬▬▬ ▬▬▬ ▬▬▬▬ ▬▬ ▬▬▬▬▬

Presupuesto de Chile

▬▬ ▬▬▬▬ ▬▬▬▬▬ ▬▬ ▬▬▬▬ ▬▬▬ ▬▬▬▬▬ ▬▬ ▬▬▬▬ ▬▬▬▬▬ ▬▬▬ ▬▬ ▬▬▬▬ ▬▬▬▬▬ ▬▬▬ ▬▬▬▬ ▬▬ ▬▬▬▬▬

La reanudación de las relaciones

▬▬ ▬▬▬▬ ▬▬▬▬▬ ▬▬ ▬▬▬▬ ▬▬▬ ▬▬▬▬▬ ▬▬ ▬▬▬▬ ▬▬▬▬▬ ▬▬▬ ▬▬ ▬▬▬▬ ▬▬▬▬▬ ▬▬▬ ▬▬▬▬ ▬▬ ▬▬▬▬▬ ▬▬▬ ▬▬▬▬ ▬▬ ▬▬▬▬▬

Muerte de un ciudadano brasileño

▬▬ ▬▬▬▬ ▬▬▬▬▬ ▬▬ ▬▬▬▬ ▬▬▬ ▬▬▬▬▬ ▬▬ ▬▬▬▬ ▬▬▬▬▬ ▬▬▬ ▬▬ ▬▬▬▬ ▬▬▬▬▬ ▬▬▬

En el concurso de Aviación en Buenos Aires

▬▬ ▬▬▬▬ ▬▬▬▬▬ ▬▬ ▬▬▬▬ ▬▬▬ ▬▬▬▬▬ ▬▬ ▬▬▬▬ ▬▬▬▬▬ ▬▬▬ ▬▬ ▬▬▬▬ ▬▬▬▬▬ ▬▬▬ ▬▬▬▬ ▬▬ ▬▬▬▬▬ ▬▬▬ ▬▬▬▬ ▬▬ ▬▬▬▬▬ ▬▬▬ ▬▬▬▬ ▬▬ ▬▬▬▬▬

▬▬ ▬▬▬▬ ▬▬▬▬▬ ▬▬ ▬▬▬▬ ▬▬▬ ▬▬▬▬▬ ▬▬ ▬▬▬▬ ▬▬▬▬▬ ▬▬▬ ▬▬ ▬▬▬▬ ▬▬▬▬▬

Lloyd George se muestra satisfecho

▬▬ ▬▬▬▬ ▬▬▬▬▬ ▬▬ ▬▬▬▬ ▬▬▬ ▬▬▬▬▬ ▬▬ ▬▬▬▬ ▬▬▬▬▬ ▬▬▬ ▬▬ ▬▬▬▬ ▬▬▬▬▬ ▬▬▬ ▬▬▬▬ ▬▬ ▬▬▬▬▬ ▬▬▬ ▬▬▬▬ ▬▬ ▬▬▬▬▬ ▬▬▬ ▬▬▬▬ ▬▬ ▬▬▬▬▬ ▬▬▬ ▬▬▬▬ ▬▬▬▬▬

En Nottingham ha sido derrotado el candidato laborista

▬▬ ▬▬▬▬ ▬▬▬▬▬ ▬▬ ▬▬▬▬ ▬▬▬ ▬▬▬▬▬ ▬▬ ▬▬▬▬ ▬▬▬▬▬ ▬▬▬ ▬▬ ▬▬▬▬ ▬▬▬▬▬ ▬▬▬ ▬▬▬▬ ▬▬ ▬▬▬▬▬ ▬▬▬ ▬▬▬▬ ▬▬ ▬▬▬▬▬ ▬▬▬ ▬▬▬▬ ▬▬ ▬▬▬▬▬ ▬▬▬ ▬▬▬▬ ▬▬▬▬▬ ▬▬ ▬▬▬ ▬▬▬▬

La "Daily Diving" y la "Poesía imperial"

LONDRES, 22. ▬▬ ▬▬▬▬ ▬▬▬▬▬ ▬▬ ▬▬▬▬ ▬▬▬ ▬▬▬▬▬ ▬▬ ▬▬▬▬ ▬▬▬▬▬ ▬▬▬ ▬▬ ▬▬▬▬ ▬▬▬▬▬ ▬▬▬ ▬▬▬▬ ▬▬ ▬▬▬▬▬ ▬▬▬ ▬▬▬▬ ▬▬ ▬▬▬▬▬ ▬▬▬ ▬▬▬▬ ▬▬ ▬▬▬▬▬ ▬▬▬ ▬▬▬▬ ▬▬▬▬▬ ▬▬ ▬▬▬ ▬▬▬▬ ▬▬▬▬▬ ▬▬▬ ▬▬▬▬ ▬▬▬▬ ▬▬▬ ▬▬▬▬▬ ▬▬ ▬▬▬▬ ▬▬▬ ▬▬▬▬▬ ▬▬▬ ▬▬▬▬ ▬▬ ▬▬▬▬▬ ▬▬▬ ▬▬▬▬ ▬▬ ▬▬▬▬▬ ▬▬▬ ▬▬ ▬▬▬▬ ▬▬▬▬▬ ▬▬▬ ▬▬▬▬ ▬▬ ▬▬▬▬ ▬▬▬▬▬ ▬▬▬ ▬▬▬▬ ▬▬▬▬▬ ▬▬ ▬▬▬

Jorge V mejorado

▬▬ ▬▬▬▬ ▬▬▬▬▬ ▬▬ ▬▬▬▬ ▬▬▬ ▬▬▬▬▬ ▬▬ ▬▬▬▬ ▬▬▬▬▬ ▬▬▬ ▬▬ ▬▬▬▬ ▬▬▬▬▬ ▬▬▬ ▬▬▬▬ ▬▬ ▬▬▬▬▬ ▬▬▬ ▬▬▬▬ ▬▬ ▬▬▬▬▬ ▬▬▬ ▬▬▬▬ ▬▬ ▬▬▬▬▬

* * *

▬▬ ▬▬▬▬ ▬▬▬▬▬ ▬▬ ▬▬▬▬ ▬▬▬ ▬▬▬▬▬ ▬▬ ▬▬▬▬ ▬▬▬▬▬ ▬▬▬ ▬▬ ▬▬▬▬ ▬▬▬▬▬ ▬▬▬ ▬▬▬▬ ▬▬ ▬▬▬▬▬ ▬▬▬ ▬▬▬▬ ▬▬ ▬▬▬▬▬ ▬▬▬ ▬▬▬▬ ▬▬ ▬▬▬▬▬ ▬▬▬ ▬▬▬▬ ▬▬▬▬▬

ECOS DE SOCIEDAD

▬▬ ▬▬▬▬ ▬▬▬▬▬ ▬▬ ▬▬▬▬ ▬▬▬ ▬▬▬▬▬ ▬▬ ▬▬▬▬ ▬▬▬▬▬ ▬▬▬ ▬▬ ▬▬▬▬ ▬▬▬▬▬ ▬▬▬ ▬▬▬▬ ▬▬ ▬▬▬▬▬ ▬▬▬ ▬▬▬▬ ▬▬ ▬▬▬▬▬ ▬▬▬ ▬▬▬▬ ▬▬ ▬▬▬▬▬ ▬▬▬ ▬▬▬▬ ▬▬▬▬▬ ▬▬ ▬▬▬ ▬▬▬▬ ▬▬▬▬▬ ▬▬▬ ▬▬▬▬ ▬▬▬▬ ▬▬▬ ▬▬▬▬▬ ▬▬ ▬▬▬▬ ▬▬▬ ▬▬▬▬▬ ▬▬▬ ▬▬▬▬ ▬▬ ▬▬▬▬▬ ▬▬▬ ▬▬▬▬ ▬▬ ▬▬▬▬▬ ▬▬▬ ▬▬ ▬▬▬▬ ▬▬▬▬▬ ▬▬▬ ▬▬▬▬ ▬▬ ▬▬▬▬ ▬▬▬▬▬ ▬▬▬ ▬▬▬▬ ▬▬▬▬▬ ▬▬ ▬▬▬ ▬▬▬▬ ▬▬▬▬▬ ▬▬▬ ▬▬ ▬▬▬▬ ▬▬▬▬▬ ▬▬ ▬▬▬ ▬▬▬▬ ▬▬▬ ▬▬▬▬▬ ▬▬ ▬▬▬▬ ▬▬▬▬▬ ▬▬▬ ▬▬ ▬▬▬▬▬ ▬▬▬▬ ▬▬ ▬▬▬ ▬▬▬▬ ▬▬▬▬▬ ▬▬ ▬▬▬▬ ▬▬▬ ▬▬▬▬▬ ▬▬▬ ▬▬▬▬ ▬▬ ▬▬▬▬▬ ▬▬▬ ▬▬▬▬ ▬▬▬ ▬▬ ▬▬▬▬▬ ▬▬▬▬ ▬▬▬ ▬▬ ▬▬▬▬▬ ▬▬▬▬ ▬▬▬ ▬▬▬▬▬ ▬▬▬▬ ▬▬ ▬▬▬ ▬▬▬▬ ▬▬▬▬▬ ▬▬ ▬▬▬▬ ▬▬▬ ▬▬▬▬▬ ▬▬▬ ▬▬▬▬ ▬▬▬▬ ▬▬▬ ▬▬▬▬▬ ▬▬▬▬ ▬▬ ▬▬▬▬▬ ▬▬▬ ▬▬▬▬ ▬▬▬ ▬▬▬▬ ▬▬▬▬▬ ▬▬ ▬▬▬▬ ▬▬▬ ▬▬▬▬▬ ▬▬▬ ▬▬▬▬ ▬▬ ▬▬▬▬▬ ▬▬▬ ▬▬▬▬ ▬▬▬▬ ▬▬▬▬▬ ▬▬ ▬▬▬▬ ▬▬▬▬▬ ▬▬ ▬▬▬▬ ▬▬ ▬▬▬▬▬ ▬▬▬ ▬▬▬▬ ▬▬▬▬ ▬▬ ▬▬▬ ▬▬▬▬▬ ▬▬ ▬▬▬▬ ▬▬▬ ▬▬▬▬▬ ▬▬▬ ▬▬ ▬▬▬▬ ▬▬▬▬▬ ▬▬▬ ▬▬ ▬▬▬▬ ▬▬▬ ▬▬▬▬▬ ▬▬ ▬▬▬▬ ▬▬▬ ▬▬▬▬▬ ▬▬▬▬ ▬▬ ▬▬▬▬▬ ▬▬▬ ▬▬▬ ▬▬▬▬ ▬▬ ▬▬▬▬▬ ▬▬▬ ▬▬▬▬ ▬▬ ▬▬▬▬▬ ▬▬▬▬ ▬▬▬ ▬▬ ▬▬▬▬▬ ▬▬▬ ▬▬ ▬▬▬▬ ▬▬▬▬▬ ▬▬▬ ▬▬▬▬ ▬▬ ▬▬▬▬ ▬▬▬▬▬ ▬▬▬ ▬▬ ▬▬▬▬▬ ▬▬▬ ▬▬▬▬ ▬▬ ▬▬▬▬▬ ▬▬▬▬ ▬▬▬ ▬▬ ▬▬▬▬▬ ▬▬▬ ▬▬ ▬▬▬▬ ▬▬▬▬▬ ▬▬▬ ▬▬▬▬ ▬▬ ▬▬▬▬ ▬▬▬▬▬ ▬▬▬ ▬▬▬▬ ▬▬▬▬▬ ▬▬ ▬▬▬ ▬▬▬▬ ▬▬▬▬▬ ▬▬▬ ▬▬ ▬▬▬▬ ▬▬▬▬▬ ▬▬ ▬▬▬ ▬▬▬▬ ▬▬▬ ▬▬▬▬▬ ▬▬ ▬▬▬▬ ▬▬▬▬▬ ▬▬▬ ▬▬ ▬▬▬▬▬ ▬▬▬▬
